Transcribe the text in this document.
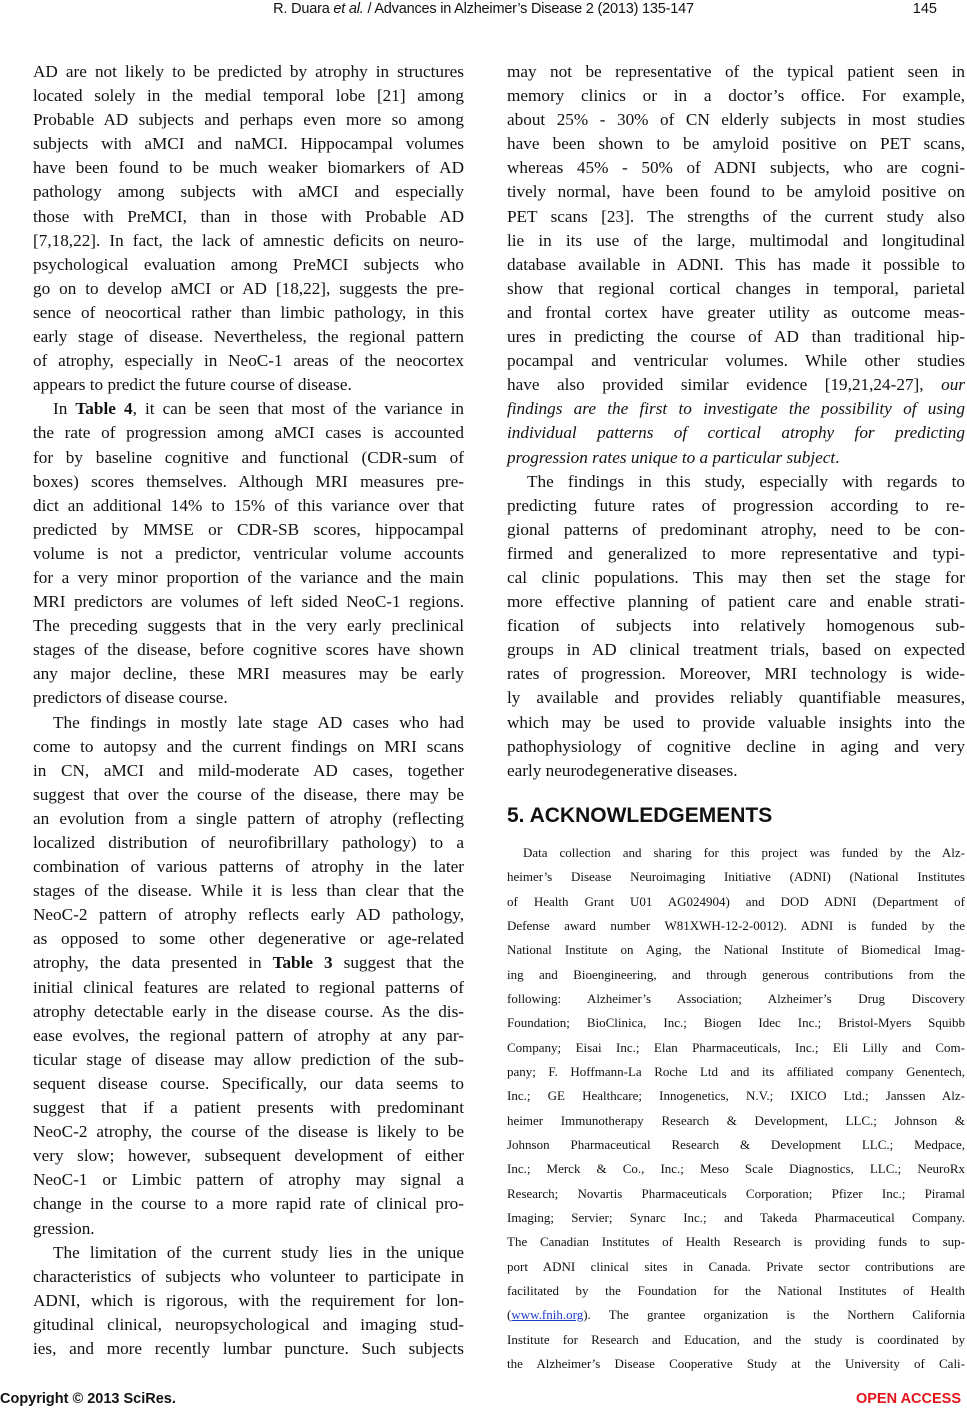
R. Duara et al. / Advances in Alzheimer’s Disease 2 (2013) 135-147	145
AD are not likely to be predicted by atrophy in structures
located solely in the medial temporal lobe [21] among
Probable AD subjects and perhaps even more so among
subjects with aMCI and naMCI. Hippocampal volumes
have been found to be much weaker biomarkers of AD
pathology among subjects with aMCI and especially
those with PreMCI, than in those with Probable AD
[7,18,22]. In fact, the lack of amnestic deficits on neuro-
psychological evaluation among PreMCI subjects who
go on to develop aMCI or AD [18,22], suggests the pre-
sence of neocortical rather than limbic pathology, in this
early stage of disease. Nevertheless, the regional pattern
of atrophy, especially in NeoC-1 areas of the neocortex
appears to predict the future course of disease.
In Table 4, it can be seen that most of the variance in
the rate of progression among aMCI cases is accounted
for by baseline cognitive and functional (CDR-sum of
boxes) scores themselves. Although MRI measures pre-
dict an additional 14% to 15% of this variance over that
predicted by MMSE or CDR-SB scores, hippocampal
volume is not a predictor, ventricular volume accounts
for a very minor proportion of the variance and the main
MRI predictors are volumes of left sided NeoC-1 regions.
The preceding suggests that in the very early preclinical
stages of the disease, before cognitive scores have shown
any major decline, these MRI measures may be early
predictors of disease course.
The findings in mostly late stage AD cases who had
come to autopsy and the current findings on MRI scans
in CN, aMCI and mild-moderate AD cases, together
suggest that over the course of the disease, there may be
an evolution from a single pattern of atrophy (reflecting
localized distribution of neurofibrillary pathology) to a
combination of various patterns of atrophy in the later
stages of the disease. While it is less than clear that the
NeoC-2 pattern of atrophy reflects early AD pathology,
as opposed to some other degenerative or age-related
atrophy, the data presented in Table 3 suggest that the
initial clinical features are related to regional patterns of
atrophy detectable early in the disease course. As the dis-
ease evolves, the regional pattern of atrophy at any par-
ticular stage of disease may allow prediction of the sub-
sequent disease course. Specifically, our data seems to
suggest that if a patient presents with predominant
NeoC-2 atrophy, the course of the disease is likely to be
very slow; however, subsequent development of either
NeoC-1 or Limbic pattern of atrophy may signal a
change in the course to a more rapid rate of clinical pro-
gression.
The limitation of the current study lies in the unique
characteristics of subjects who volunteer to participate in
ADNI, which is rigorous, with the requirement for lon-
gitudinal clinical, neuropsychological and imaging stud-
ies, and more recently lumbar puncture. Such subjects
may not be representative of the typical patient seen in
memory clinics or in a doctor’s office. For example,
about 25% - 30% of CN elderly subjects in most studies
have been shown to be amyloid positive on PET scans,
whereas 45% - 50% of ADNI subjects, who are cogni-
tively normal, have been found to be amyloid positive on
PET scans [23]. The strengths of the current study also
lie in its use of the large, multimodal and longitudinal
database available in ADNI. This has made it possible to
show that regional cortical changes in temporal, parietal
and frontal cortex have greater utility as outcome meas-
ures in predicting the course of AD than traditional hip-
pocampal and ventricular volumes. While other studies
have also provided similar evidence [19,21,24-27], our
findings are the first to investigate the possibility of using
individual patterns of cortical atrophy for predicting
progression rates unique to a particular subject.
The findings in this study, especially with regards to
predicting future rates of progression according to re-
gional patterns of predominant atrophy, need to be con-
firmed and generalized to more representative and typi-
cal clinic populations. This may then set the stage for
more effective planning of patient care and enable strati-
fication of subjects into relatively homogenous sub-
groups in AD clinical treatment trials, based on expected
rates of progression. Moreover, MRI technology is wide-
ly available and provides reliably quantifiable measures,
which may be used to provide valuable insights into the
pathophysiology of cognitive decline in aging and very
early neurodegenerative diseases.
5. ACKNOWLEDGEMENTS
Data collection and sharing for this project was funded by the Alz-
heimer’s Disease Neuroimaging Initiative (ADNI) (National Institutes
of Health Grant U01 AG024904) and DOD ADNI (Department of
Defense award number W81XWH-12-2-0012). ADNI is funded by the
National Institute on Aging, the National Institute of Biomedical Imag-
ing and Bioengineering, and through generous contributions from the
following: Alzheimer’s Association; Alzheimer’s Drug Discovery
Foundation; BioClinica, Inc.; Biogen Idec Inc.; Bristol-Myers Squibb
Company; Eisai Inc.; Elan Pharmaceuticals, Inc.; Eli Lilly and Com-
pany; F. Hoffmann-La Roche Ltd and its affiliated company Genentech,
Inc.; GE Healthcare; Innogenetics, N.V.; IXICO Ltd.; Janssen Alz-
heimer Immunotherapy Research & Development, LLC.; Johnson &
Johnson Pharmaceutical Research & Development LLC.; Medpace,
Inc.; Merck & Co., Inc.; Meso Scale Diagnostics, LLC.; NeuroRx
Research; Novartis Pharmaceuticals Corporation; Pfizer Inc.; Piramal
Imaging; Servier; Synarc Inc.; and Takeda Pharmaceutical Company.
The Canadian Institutes of Health Research is providing funds to sup-
port ADNI clinical sites in Canada. Private sector contributions are
facilitated by the Foundation for the National Institutes of Health
(www.fnih.org). The grantee organization is the Northern California
Institute for Research and Education, and the study is coordinated by
the Alzheimer’s Disease Cooperative Study at the University of Cali-
Copyright © 2013 SciRes.	OPEN ACCESS
